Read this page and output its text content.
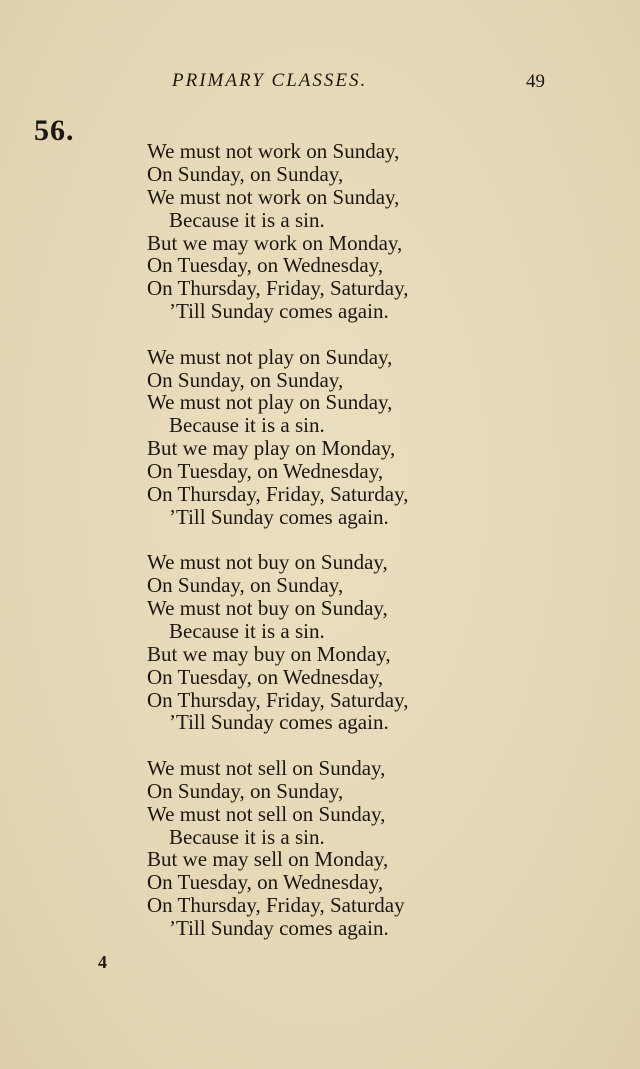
PRIMARY CLASSES.	49
56.
We must not work on Sunday,
On Sunday, on Sunday,
We must not work on Sunday,
Because it is a sin.
But we may work on Monday,
On Tuesday, on Wednesday,
On Thursday, Friday, Saturday,
’Till Sunday comes again.
We must not play on Sunday,
On Sunday, on Sunday,
We must not play on Sunday,
Because it is a sin.
But we may play on Monday,
On Tuesday, on Wednesday,
On Thursday, Friday, Saturday,
’Till Sunday comes again.
We must not buy on Sunday,
On Sunday, on Sunday,
We must not buy on Sunday,
Because it is a sin.
But we may buy on Monday,
On Tuesday, on Wednesday,
On Thursday, Friday, Saturday,
’Till Sunday comes again.
We must not sell on Sunday,
On Sunday, on Sunday,
We must not sell on Sunday,
Because it is a sin.
But we may sell on Monday,
On Tuesday, on Wednesday,
On Thursday, Friday, Saturday
’Till Sunday comes again.
4
